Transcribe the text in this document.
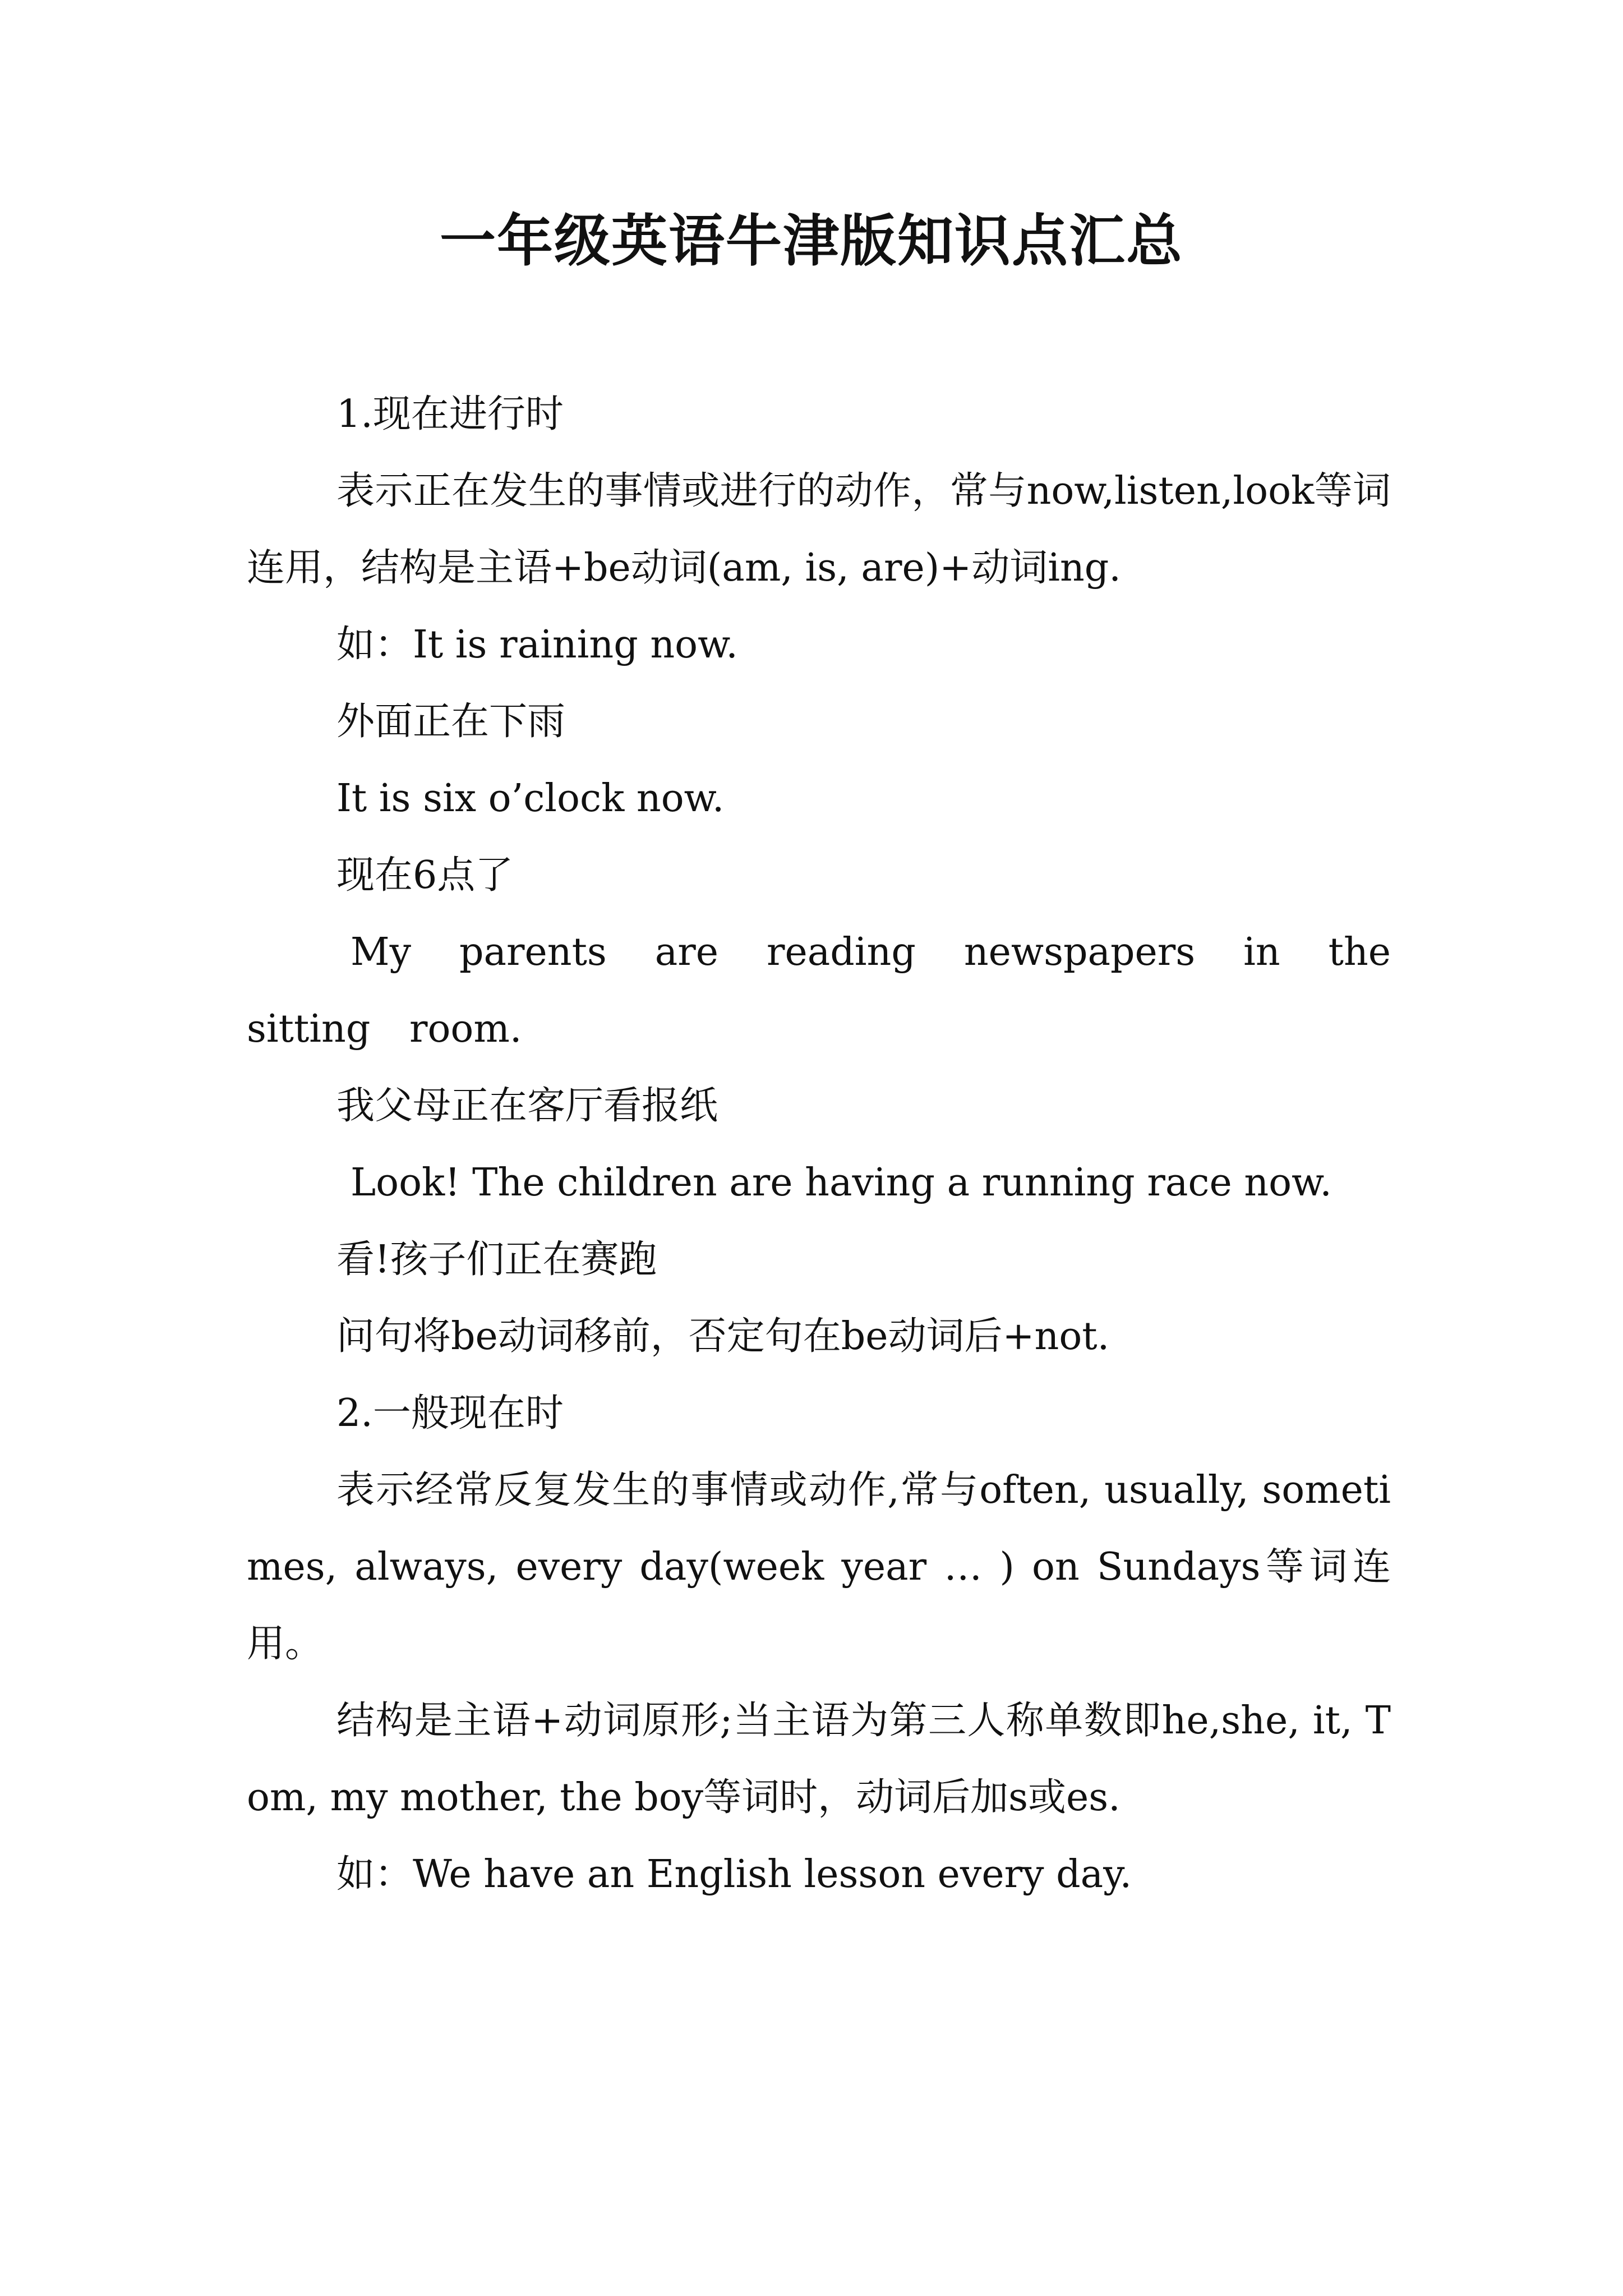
一年级英语牛津版知识点汇总

1.现在进行时

表示正在发生的事情或进行的动作，常与now,listen,look等词连用，结构是主语+be动词(am, is, are)+动词ing.

如：It is raining now.

外面正在下雨

It is six o’clock now.

现在6点了

My parents are reading newspapers in the sitting room.

我父母正在客厅看报纸

Look! The children are having a running race now.

看!孩子们正在赛跑

问句将be动词移前，否定句在be动词后+not.

2.一般现在时

表示经常反复发生的事情或动作,常与often, usually, sometimes, always, every day(week year … ) on Sundays等词连用。

结构是主语+动词原形;当主语为第三人称单数即he,she, it, Tom, my mother, the boy等词时，动词后加s或es.

如：We have an English lesson every day.
